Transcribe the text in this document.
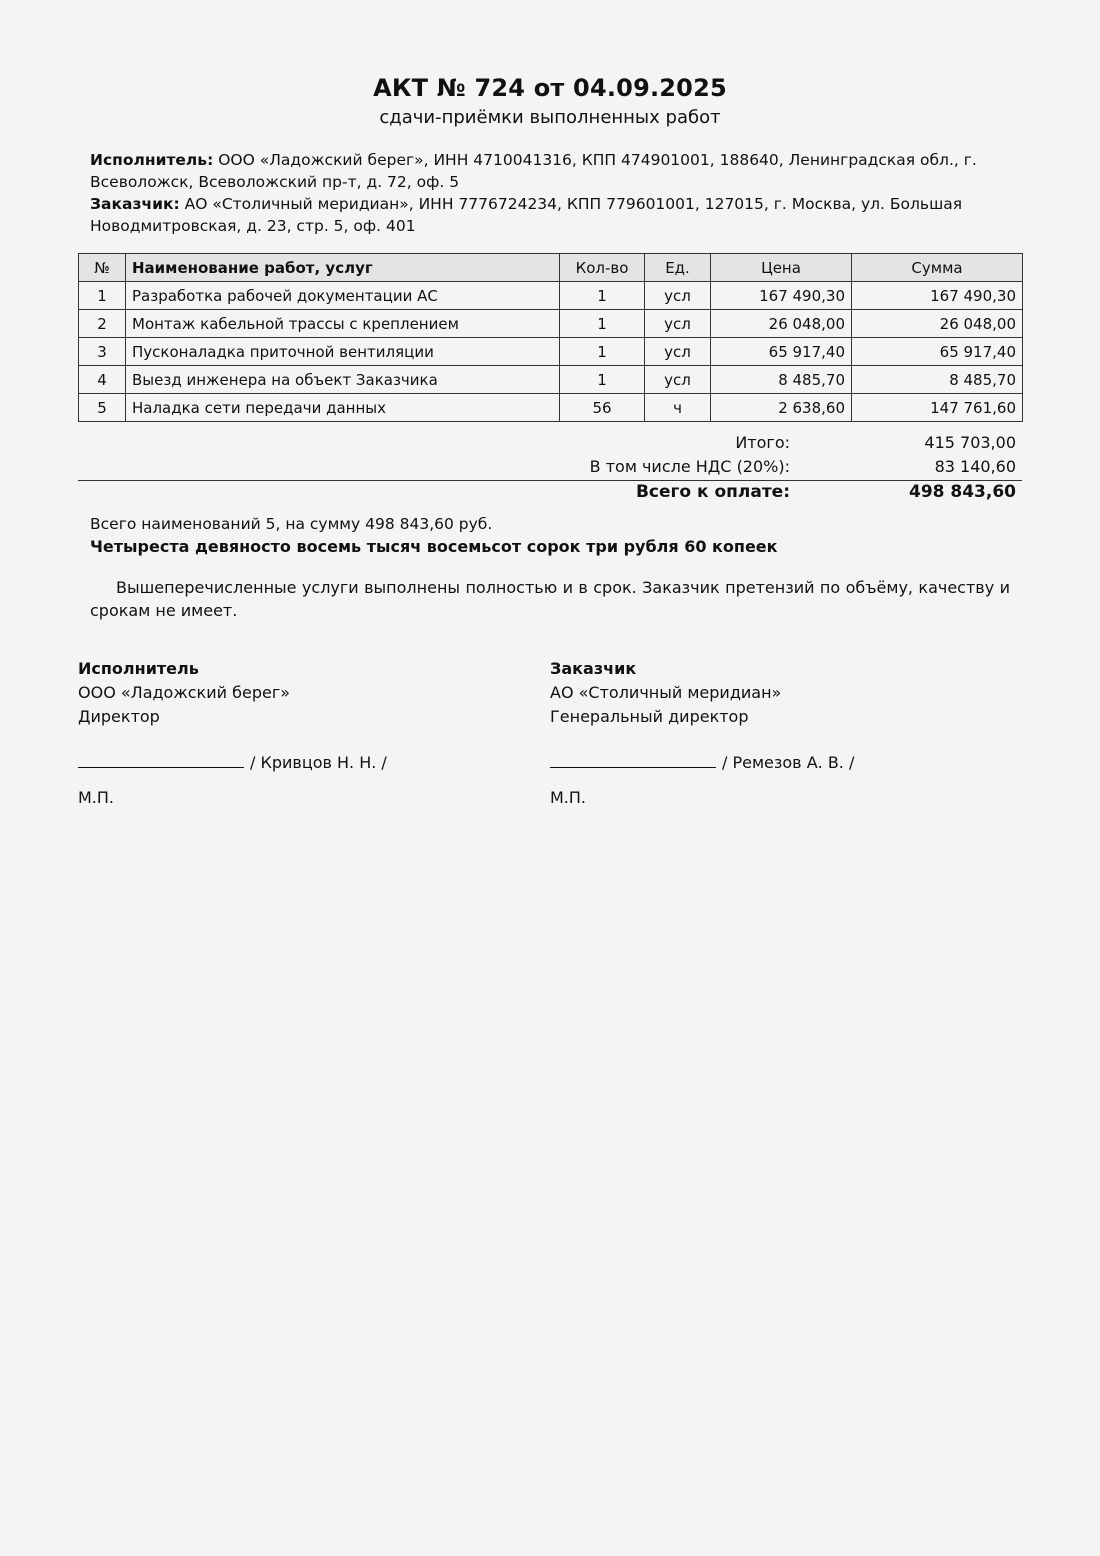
АКТ № 724 от 04.09.2025
сдачи-приёмки выполненных работ
Исполнитель: ООО «Ладожский берег», ИНН 4710041316, КПП 474901001, 188640, Ленинградская обл., г. Всеволожск, Всеволожский пр-т, д. 72, оф. 5
Заказчик: АО «Столичный меридиан», ИНН 7776724234, КПП 779601001, 127015, г. Москва, ул. Большая Новодмитровская, д. 23, стр. 5, оф. 401
№	Наименование работ, услуг	Кол-во	Ед.	Цена	Сумма
1	Разработка рабочей документации АС	1	усл	167 490,30	167 490,30
2	Монтаж кабельной трассы с креплением	1	усл	26 048,00	26 048,00
3	Пусконаладка приточной вентиляции	1	усл	65 917,40	65 917,40
4	Выезд инженера на объект Заказчика	1	усл	8 485,70	8 485,70
5	Наладка сети передачи данных	56	ч	2 638,60	147 761,60
Итого:	415 703,00
В том числе НДС (20%):	83 140,60
Всего к оплате:	498 843,60
Всего наименований 5, на сумму 498 843,60 руб.
Четыреста девяносто восемь тысяч восемьсот сорок три рубля 60 копеек
Вышеперечисленные услуги выполнены полностью и в срок. Заказчик претензий по объёму, качеству и срокам не имеет.
Исполнитель
ООО «Ладожский берег»
Директор
/ Кривцов Н. Н. /
М.П.
Заказчик
АО «Столичный меридиан»
Генеральный директор
/ Ремезов А. В. /
М.П.
